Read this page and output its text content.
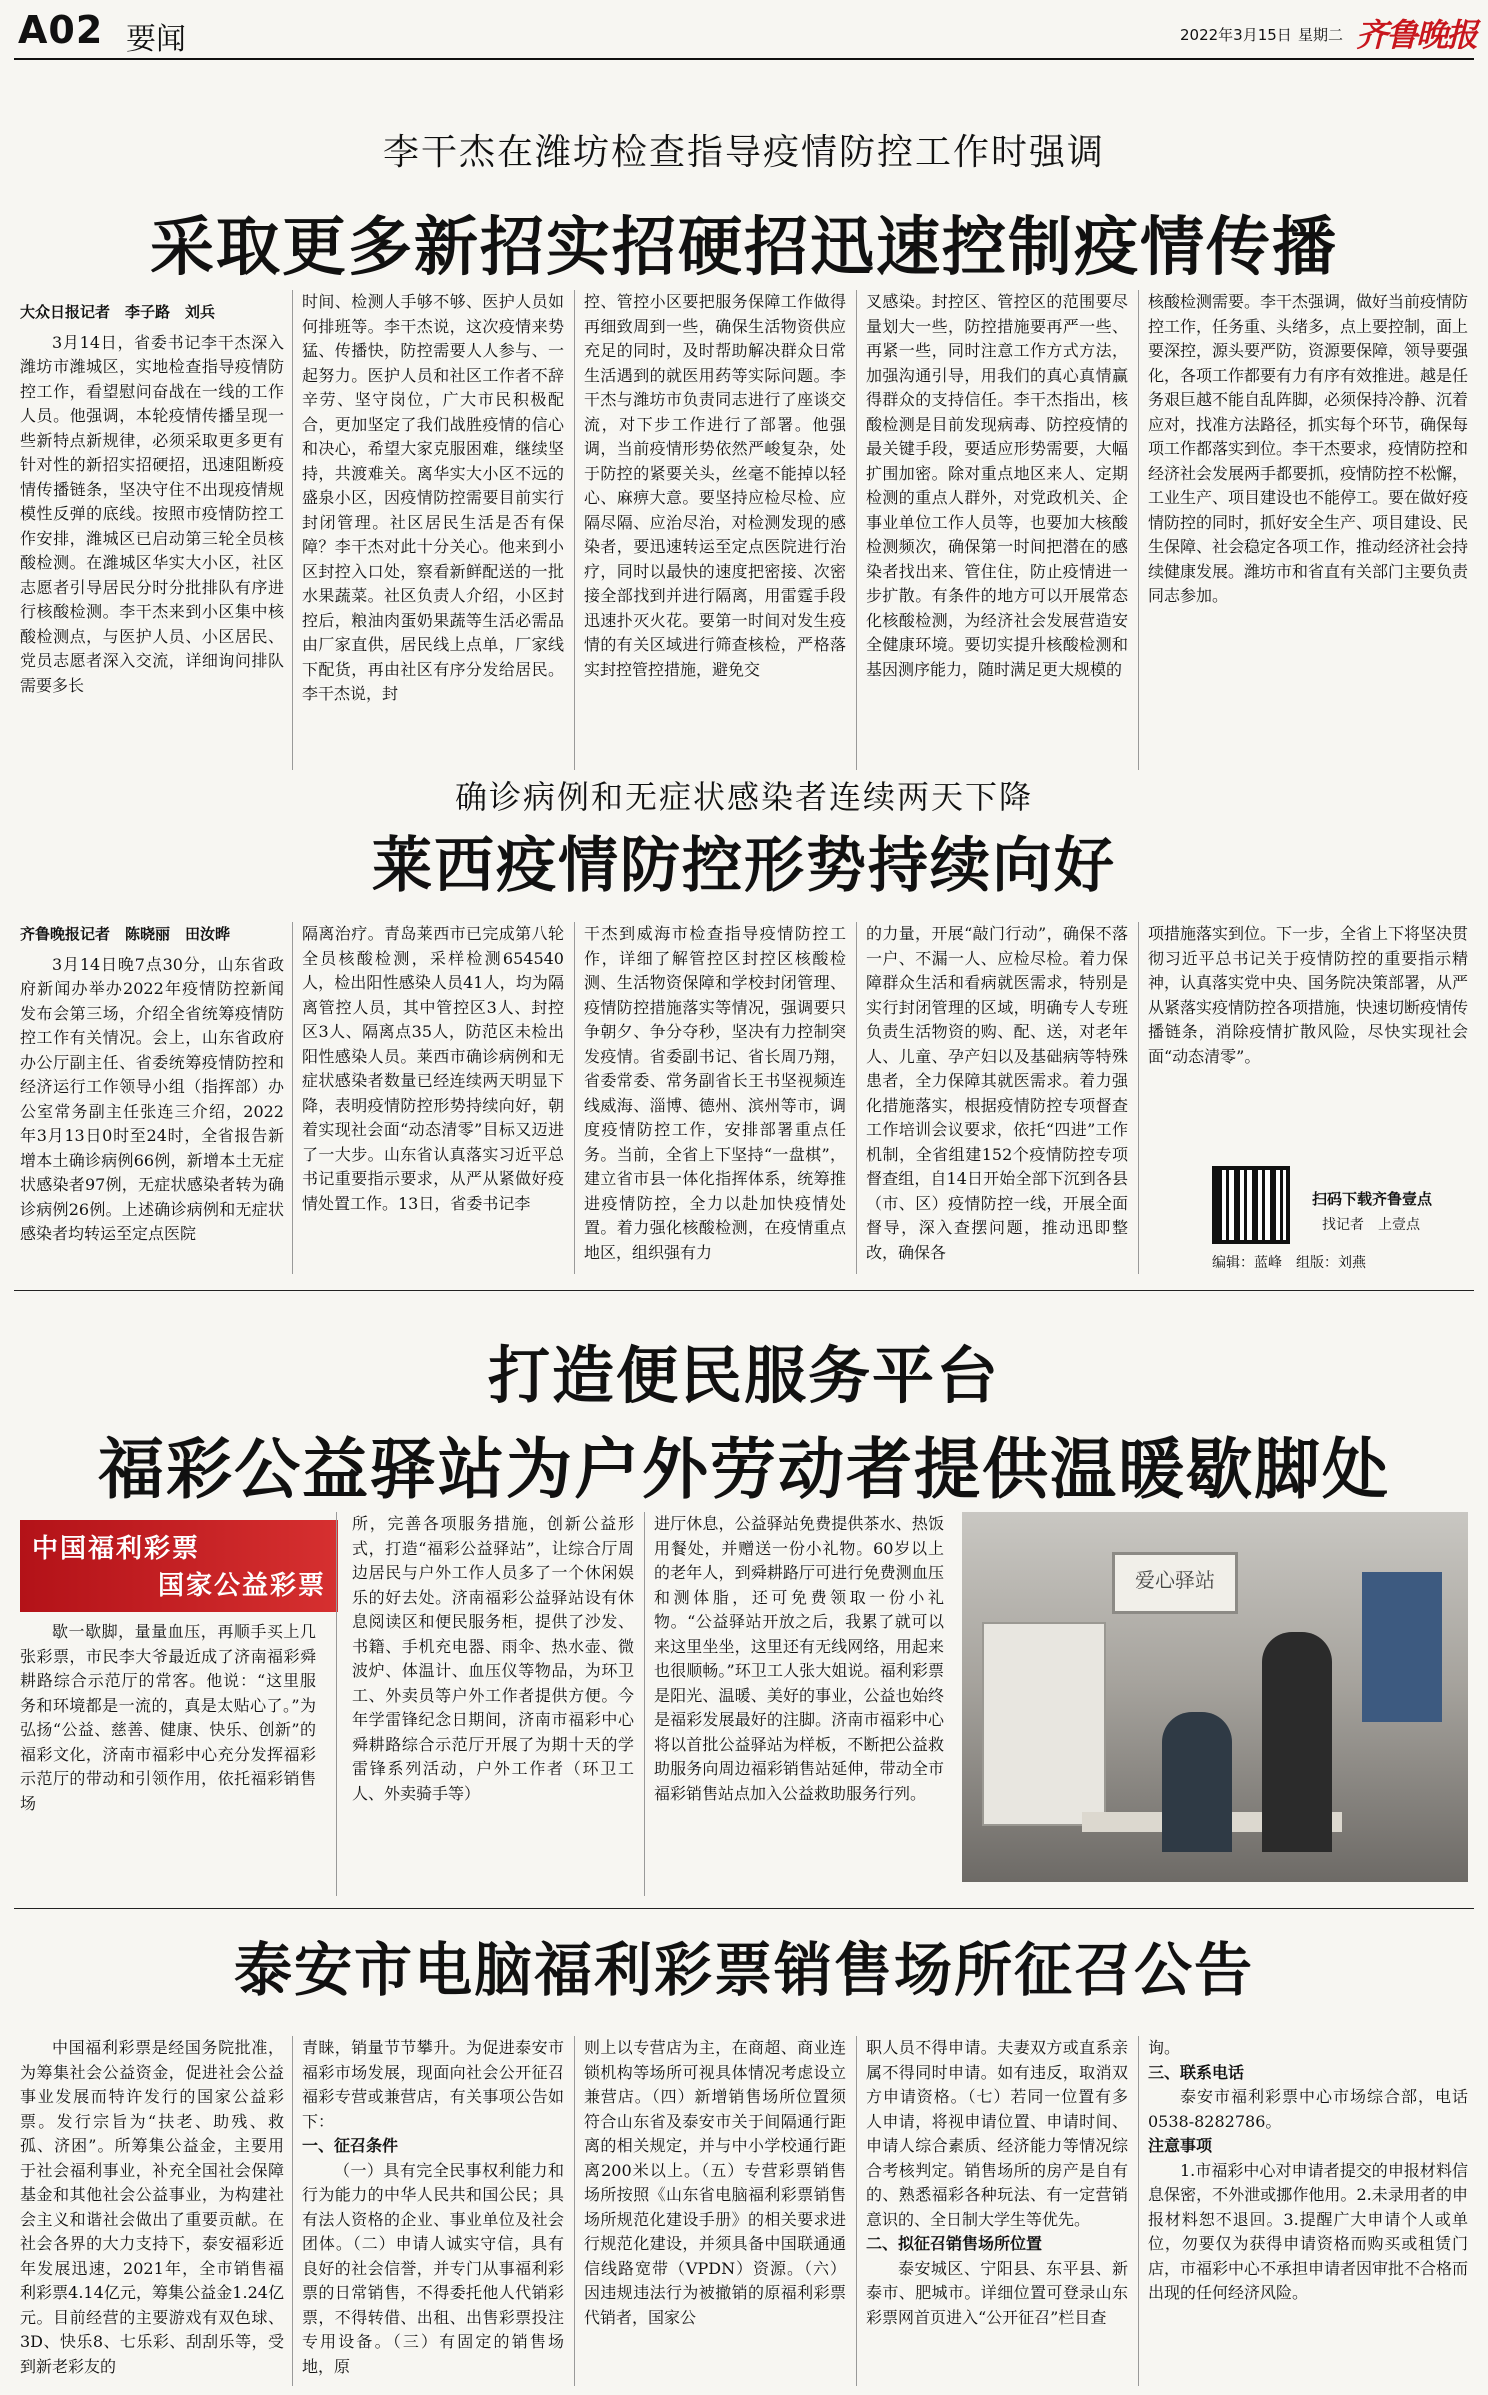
A02 要闻	2022年3月15日 星期二 齐鲁晚报
李干杰在潍坊检查指导疫情防控工作时强调
采取更多新招实招硬招迅速控制疫情传播

大众日报记者　李子路　刘兵

3月14日，省委书记李干杰深入潍坊市潍城区，实地检查指导疫情防控工作，看望慰问奋战在一线的工作人员。他强调，本轮疫情传播呈现一些新特点新规律，必须采取更多更有针对性的新招实招硬招，迅速阻断疫情传播链条，坚决守住不出现疫情规模性反弹的底线。按照市疫情防控工作安排，潍城区已启动第三轮全员核酸检测。在潍城区华实大小区，社区志愿者引导居民分时分批排队有序进行核酸检测。李干杰来到小区集中核酸检测点，与医护人员、小区居民、党员志愿者深入交流，详细询问排队需要多长

时间、检测人手够不够、医护人员如何排班等。李干杰说，这次疫情来势猛、传播快，防控需要人人参与、一起努力。医护人员和社区工作者不辞辛劳、坚守岗位，广大市民积极配合，更加坚定了我们战胜疫情的信心和决心，希望大家克服困难，继续坚持，共渡难关。离华实大小区不远的盛泉小区，因疫情防控需要目前实行封闭管理。社区居民生活是否有保障？李干杰对此十分关心。他来到小区封控入口处，察看新鲜配送的一批水果蔬菜。社区负责人介绍，小区封控后，粮油肉蛋奶果蔬等生活必需品由厂家直供，居民线上点单，厂家线下配货，再由社区有序分发给居民。李干杰说，封

控、管控小区要把服务保障工作做得再细致周到一些，确保生活物资供应充足的同时，及时帮助解决群众日常生活遇到的就医用药等实际问题。李干杰与潍坊市负责同志进行了座谈交流，对下步工作进行了部署。他强调，当前疫情形势依然严峻复杂，处于防控的紧要关头，丝毫不能掉以轻心、麻痹大意。要坚持应检尽检、应隔尽隔、应治尽治，对检测发现的感染者，要迅速转运至定点医院进行治疗，同时以最快的速度把密接、次密接全部找到并进行隔离，用雷霆手段迅速扑灭火花。要第一时间对发生疫情的有关区域进行筛查核检，严格落实封控管控措施，避免交

叉感染。封控区、管控区的范围要尽量划大一些，防控措施要再严一些、再紧一些，同时注意工作方式方法，加强沟通引导，用我们的真心真情赢得群众的支持信任。李干杰指出，核酸检测是目前发现病毒、防控疫情的最关键手段，要适应形势需要，大幅扩围加密。除对重点地区来人、定期检测的重点人群外，对党政机关、企事业单位工作人员等，也要加大核酸检测频次，确保第一时间把潜在的感染者找出来、管住住，防止疫情进一步扩散。有条件的地方可以开展常态化核酸检测，为经济社会发展营造安全健康环境。要切实提升核酸检测和基因测序能力，随时满足更大规模的

核酸检测需要。李干杰强调，做好当前疫情防控工作，任务重、头绪多，点上要控制，面上要深控，源头要严防，资源要保障，领导要强化，各项工作都要有力有序有效推进。越是任务艰巨越不能自乱阵脚，必须保持冷静、沉着应对，找准方法路径，抓实每个环节，确保每项工作都落实到位。李干杰要求，疫情防控和经济社会发展两手都要抓，疫情防控不松懈，工业生产、项目建设也不能停工。要在做好疫情防控的同时，抓好安全生产、项目建设、民生保障、社会稳定各项工作，推动经济社会持续健康发展。潍坊市和省直有关部门主要负责同志参加。

确诊病例和无症状感染者连续两天下降
莱西疫情防控形势持续向好

齐鲁晚报记者　陈晓丽　田汝晔

3月14日晚7点30分，山东省政府新闻办举办2022年疫情防控新闻发布会第三场，介绍全省统筹疫情防控工作有关情况。会上，山东省政府办公厅副主任、省委统筹疫情防控和经济运行工作领导小组（指挥部）办公室常务副主任张连三介绍，2022年3月13日0时至24时，全省报告新增本土确诊病例66例，新增本土无症状感染者97例，无症状感染者转为确诊病例26例。上述确诊病例和无症状感染者均转运至定点医院

隔离治疗。青岛莱西市已完成第八轮全员核酸检测，采样检测654540人，检出阳性感染人员41人，均为隔离管控人员，其中管控区3人、封控区3人、隔离点35人，防范区未检出阳性感染人员。莱西市确诊病例和无症状感染者数量已经连续两天明显下降，表明疫情防控形势持续向好，朝着实现社会面“动态清零”目标又迈进了一大步。山东省认真落实习近平总书记重要指示要求，从严从紧做好疫情处置工作。13日，省委书记李

干杰到威海市检查指导疫情防控工作，详细了解管控区封控区核酸检测、生活物资保障和学校封闭管理、疫情防控措施落实等情况，强调要只争朝夕、争分夺秒，坚决有力控制突发疫情。省委副书记、省长周乃翔，省委常委、常务副省长王书坚视频连线威海、淄博、德州、滨州等市，调度疫情防控工作，安排部署重点任务。当前，全省上下坚持“一盘棋”，建立省市县一体化指挥体系，统筹推进疫情防控，全力以赴加快疫情处置。着力强化核酸检测，在疫情重点地区，组织强有力

的力量，开展“敲门行动”，确保不落一户、不漏一人、应检尽检。着力保障群众生活和看病就医需求，特别是实行封闭管理的区域，明确专人专班负责生活物资的购、配、送，对老年人、儿童、孕产妇以及基础病等特殊患者，全力保障其就医需求。着力强化措施落实，根据疫情防控专项督查工作培训会议要求，依托“四进”工作机制，全省组建152个疫情防控专项督查组，自14日开始全部下沉到各县（市、区）疫情防控一线，开展全面督导，深入查摆问题，推动迅即整改，确保各

项措施落实到位。下一步，全省上下将坚决贯彻习近平总书记关于疫情防控的重要指示精神，认真落实党中央、国务院决策部署，从严从紧落实疫情防控各项措施，快速切断疫情传播链条，消除疫情扩散风险，尽快实现社会面“动态清零”。

扫码下载齐鲁壹点
找记者　上壹点
编辑：蓝峰　组版：刘燕
打造便民服务平台
福彩公益驿站为户外劳动者提供温暖歇脚处
中国福利彩票
国家公益彩票

歇一歇脚，量量血压，再顺手买上几张彩票，市民李大爷最近成了济南福彩舜耕路综合示范厅的常客。他说：“这里服务和环境都是一流的，真是太贴心了。”为弘扬“公益、慈善、健康、快乐、创新”的福彩文化，济南市福彩中心充分发挥福彩示范厅的带动和引领作用，依托福彩销售场

所，完善各项服务措施，创新公益形式，打造“福彩公益驿站”，让综合厅周边居民与户外工作人员多了一个休闲娱乐的好去处。济南福彩公益驿站设有休息阅读区和便民服务柜，提供了沙发、书籍、手机充电器、雨伞、热水壶、微波炉、体温计、血压仪等物品，为环卫工、外卖员等户外工作者提供方便。今年学雷锋纪念日期间，济南市福彩中心舜耕路综合示范厅开展了为期十天的学雷锋系列活动，户外工作者（环卫工人、外卖骑手等）

进厅休息，公益驿站免费提供茶水、热饭用餐处，并赠送一份小礼物。60岁以上的老年人，到舜耕路厅可进行免费测血压和测体脂，还可免费领取一份小礼物。“公益驿站开放之后，我累了就可以来这里坐坐，这里还有无线网络，用起来也很顺畅。”环卫工人张大姐说。福利彩票是阳光、温暖、美好的事业，公益也始终是福彩发展最好的注脚。济南市福彩中心将以首批公益驿站为样板，不断把公益救助服务向周边福彩销售站延伸，带动全市福彩销售站点加入公益救助服务行列。

爱心驿站
泰安市电脑福利彩票销售场所征召公告

中国福利彩票是经国务院批准，为筹集社会公益资金，促进社会公益事业发展而特许发行的国家公益彩票。发行宗旨为“扶老、助残、救孤、济困”。所筹集公益金，主要用于社会福利事业，补充全国社会保障基金和其他社会公益事业，为构建社会主义和谐社会做出了重要贡献。在社会各界的大力支持下，泰安福彩近年发展迅速，2021年，全市销售福利彩票4.14亿元，筹集公益金1.24亿元。目前经营的主要游戏有双色球、3D、快乐8、七乐彩、刮刮乐等，受到新老彩友的

青睐，销量节节攀升。为促进泰安市福彩市场发展，现面向社会公开征召福彩专营或兼营店，有关事项公告如下：

一、征召条件

（一）具有完全民事权利能力和行为能力的中华人民共和国公民；具有法人资格的企业、事业单位及社会团体。（二）申请人诚实守信，具有良好的社会信誉，并专门从事福利彩票的日常销售，不得委托他人代销彩票，不得转借、出租、出售彩票投注专用设备。（三）有固定的销售场地，原

则上以专营店为主，在商超、商业连锁机构等场所可视具体情况考虑设立兼营店。（四）新增销售场所位置须符合山东省及泰安市关于间隔通行距离的相关规定，并与中小学校通行距离200米以上。（五）专营彩票销售场所按照《山东省电脑福利彩票销售场所规范化建设手册》的相关要求进行规范化建设，并须具备中国联通通信线路宽带（VPDN）资源。（六）因违规违法行为被撤销的原福利彩票代销者，国家公

职人员不得申请。夫妻双方或直系亲属不得同时申请。如有违反，取消双方申请资格。（七）若同一位置有多人申请，将视申请位置、申请时间、申请人综合素质、经济能力等情况综合考核判定。销售场所的房产是自有的、熟悉福彩各种玩法、有一定营销意识的、全日制大学生等优先。

二、拟征召销售场所位置

泰安城区、宁阳县、东平县、新泰市、肥城市。详细位置可登录山东彩票网首页进入“公开征召”栏目查

询。

三、联系电话

泰安市福利彩票中心市场综合部，电话0538-8282786。

注意事项

1.市福彩中心对申请者提交的申报材料信息保密，不外泄或挪作他用。2.未录用者的申报材料恕不退回。3.提醒广大申请个人或单位，勿要仅为获得申请资格而购买或租赁门店，市福彩中心不承担申请者因审批不合格而出现的任何经济风险。
